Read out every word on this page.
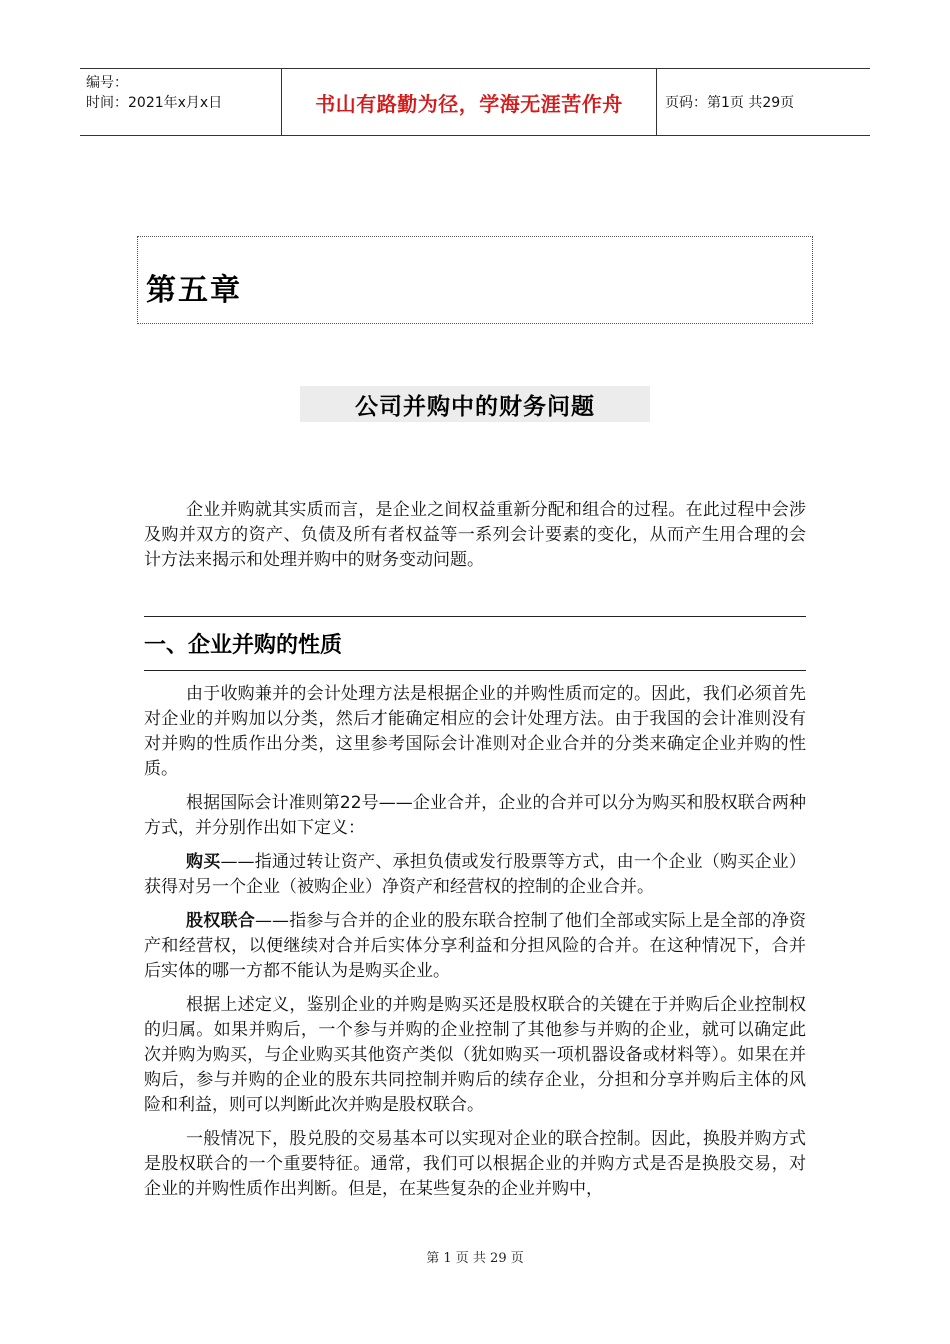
编号：
时间：2021年x月x日	书山有路勤为径，学海无涯苦作舟	页码：第1页 共29页
第五章
公司并购中的财务问题

企业并购就其实质而言，是企业之间权益重新分配和组合的过程。在此过程中会涉及购并双方的资产、负债及所有者权益等一系列会计要素的变化，从而产生用合理的会计方法来揭示和处理并购中的财务变动问题。

一、企业并购的性质

由于收购兼并的会计处理方法是根据企业的并购性质而定的。因此，我们必须首先对企业的并购加以分类，然后才能确定相应的会计处理方法。由于我国的会计准则没有对并购的性质作出分类，这里参考国际会计准则对企业合并的分类来确定企业并购的性质。

根据国际会计准则第22号——企业合并，企业的合并可以分为购买和股权联合两种方式，并分别作出如下定义：

购买——指通过转让资产、承担负债或发行股票等方式，由一个企业（购买企业）获得对另一个企业（被购企业）净资产和经营权的控制的企业合并。

股权联合——指参与合并的企业的股东联合控制了他们全部或实际上是全部的净资产和经营权，以便继续对合并后实体分享利益和分担风险的合并。在这种情况下，合并后实体的哪一方都不能认为是购买企业。

根据上述定义，鉴别企业的并购是购买还是股权联合的关键在于并购后企业控制权的归属。如果并购后，一个参与并购的企业控制了其他参与并购的企业，就可以确定此次并购为购买，与企业购买其他资产类似（犹如购买一项机器设备或材料等）。如果在并购后，参与并购的企业的股东共同控制并购后的续存企业，分担和分享并购后主体的风险和利益，则可以判断此次并购是股权联合。

一般情况下，股兑股的交易基本可以实现对企业的联合控制。因此，换股并购方式是股权联合的一个重要特征。通常，我们可以根据企业的并购方式是否是换股交易，对企业的并购性质作出判断。但是，在某些复杂的企业并购中，

第 1 页 共 29 页
